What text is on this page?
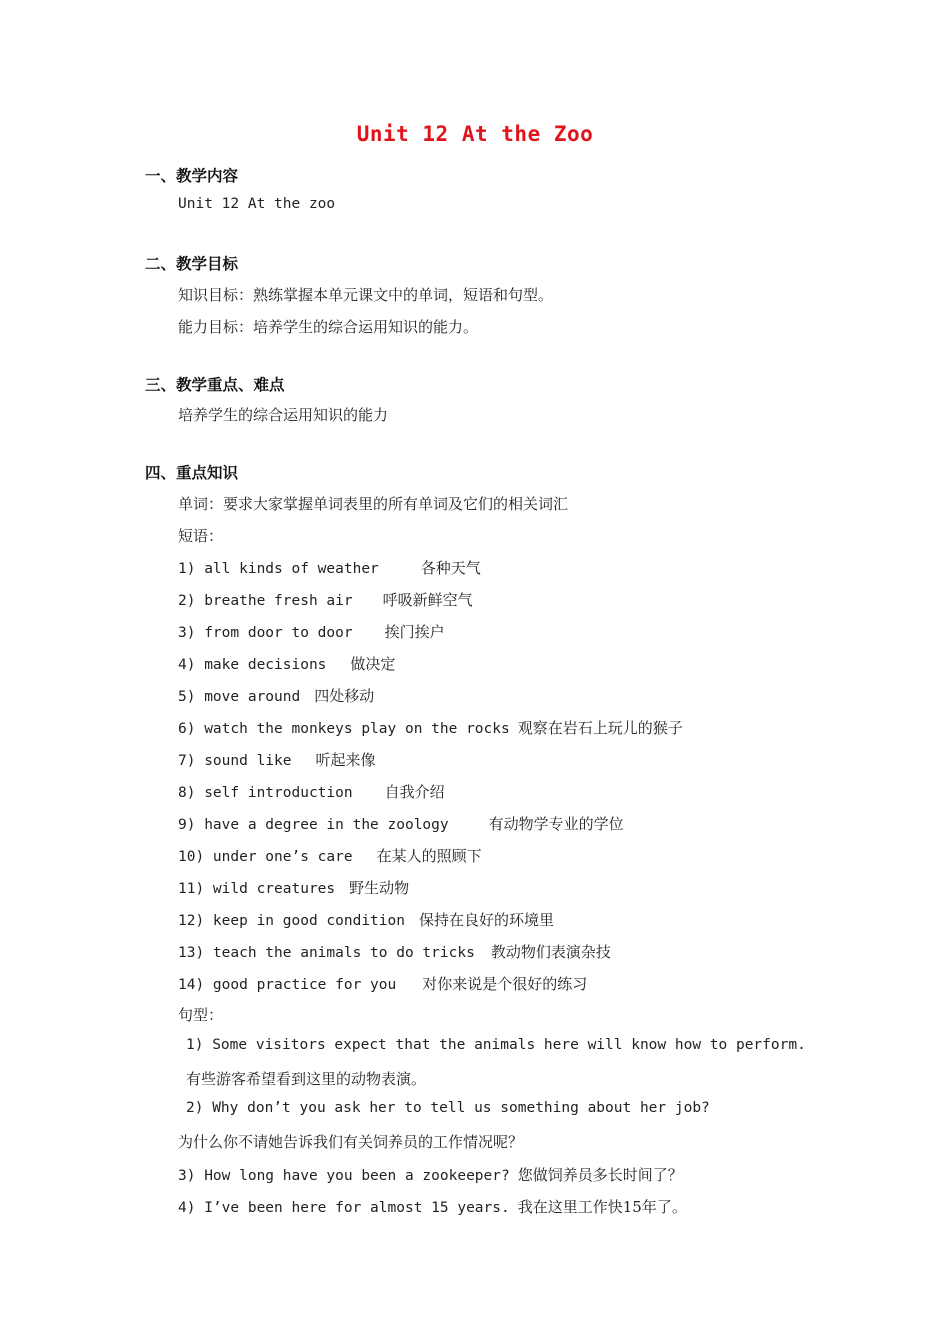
Unit 12 At the Zoo
一、教学内容
Unit 12 At the zoo
二、教学目标
知识目标：熟练掌握本单元课文中的单词，短语和句型。
能力目标：培养学生的综合运用知识的能力。
三、教学重点、难点
培养学生的综合运用知识的能力
四、重点知识
单词：要求大家掌握单词表里的所有单词及它们的相关词汇
短语：
1) all kinds of weather	各种天气
2) breathe fresh air 呼吸新鲜空气
3) from door to door 挨门挨户
4) make decisions 做决定
5) move around 四处移动
6) watch the monkeys play on the rocks 观察在岩石上玩儿的猴子
7) sound like 听起来像
8) self introduction 自我介绍
9) have a degree in the zoology	有动物学专业的学位
10) under one’s care 在某人的照顾下
11) wild creatures 野生动物
12) keep in good condition 保持在良好的环境里
13) teach the animals to do tricks 教动物们表演杂技
14) good practice for you 对你来说是个很好的练习
句型：
1) Some visitors expect that the animals here will know how to perform.
有些游客希望看到这里的动物表演。
2) Why don’t you ask her to tell us something about her job?
为什么你不请她告诉我们有关饲养员的工作情况呢？
3) How long have you been a zookeeper? 您做饲养员多长时间了？
4) I’ve been here for almost 15 years. 我在这里工作快15年了。
